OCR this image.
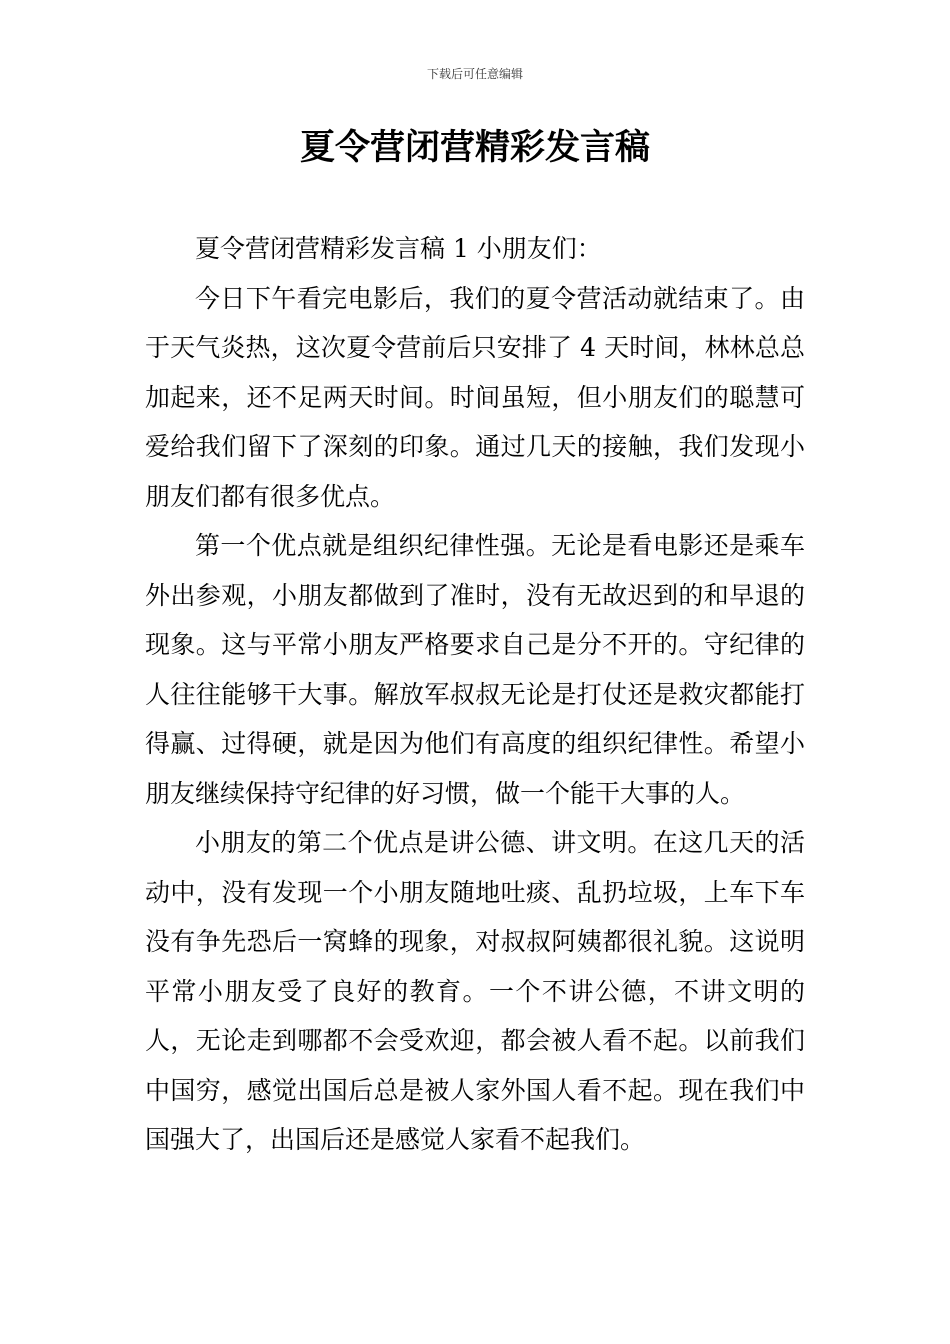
下载后可任意编辑
夏令营闭营精彩发言稿

夏令营闭营精彩发言稿 1 小朋友们：

今日下午看完电影后，我们的夏令营活动就结束了。由于天气炎热，这次夏令营前后只安排了 4 天时间，林林总总加起来，还不足两天时间。时间虽短，但小朋友们的聪慧可爱给我们留下了深刻的印象。通过几天的接触，我们发现小朋友们都有很多优点。

第一个优点就是组织纪律性强。无论是看电影还是乘车外出参观，小朋友都做到了准时，没有无故迟到的和早退的现象。这与平常小朋友严格要求自己是分不开的。守纪律的人往往能够干大事。解放军叔叔无论是打仗还是救灾都能打得赢、过得硬，就是因为他们有高度的组织纪律性。希望小朋友继续保持守纪律的好习惯，做一个能干大事的人。

小朋友的第二个优点是讲公德、讲文明。在这几天的活动中，没有发现一个小朋友随地吐痰、乱扔垃圾，上车下车没有争先恐后一窝蜂的现象，对叔叔阿姨都很礼貌。这说明平常小朋友受了良好的教育。一个不讲公德，不讲文明的人，无论走到哪都不会受欢迎，都会被人看不起。以前我们中国穷，感觉出国后总是被人家外国人看不起。现在我们中国强大了，出国后还是感觉人家看不起我们。
